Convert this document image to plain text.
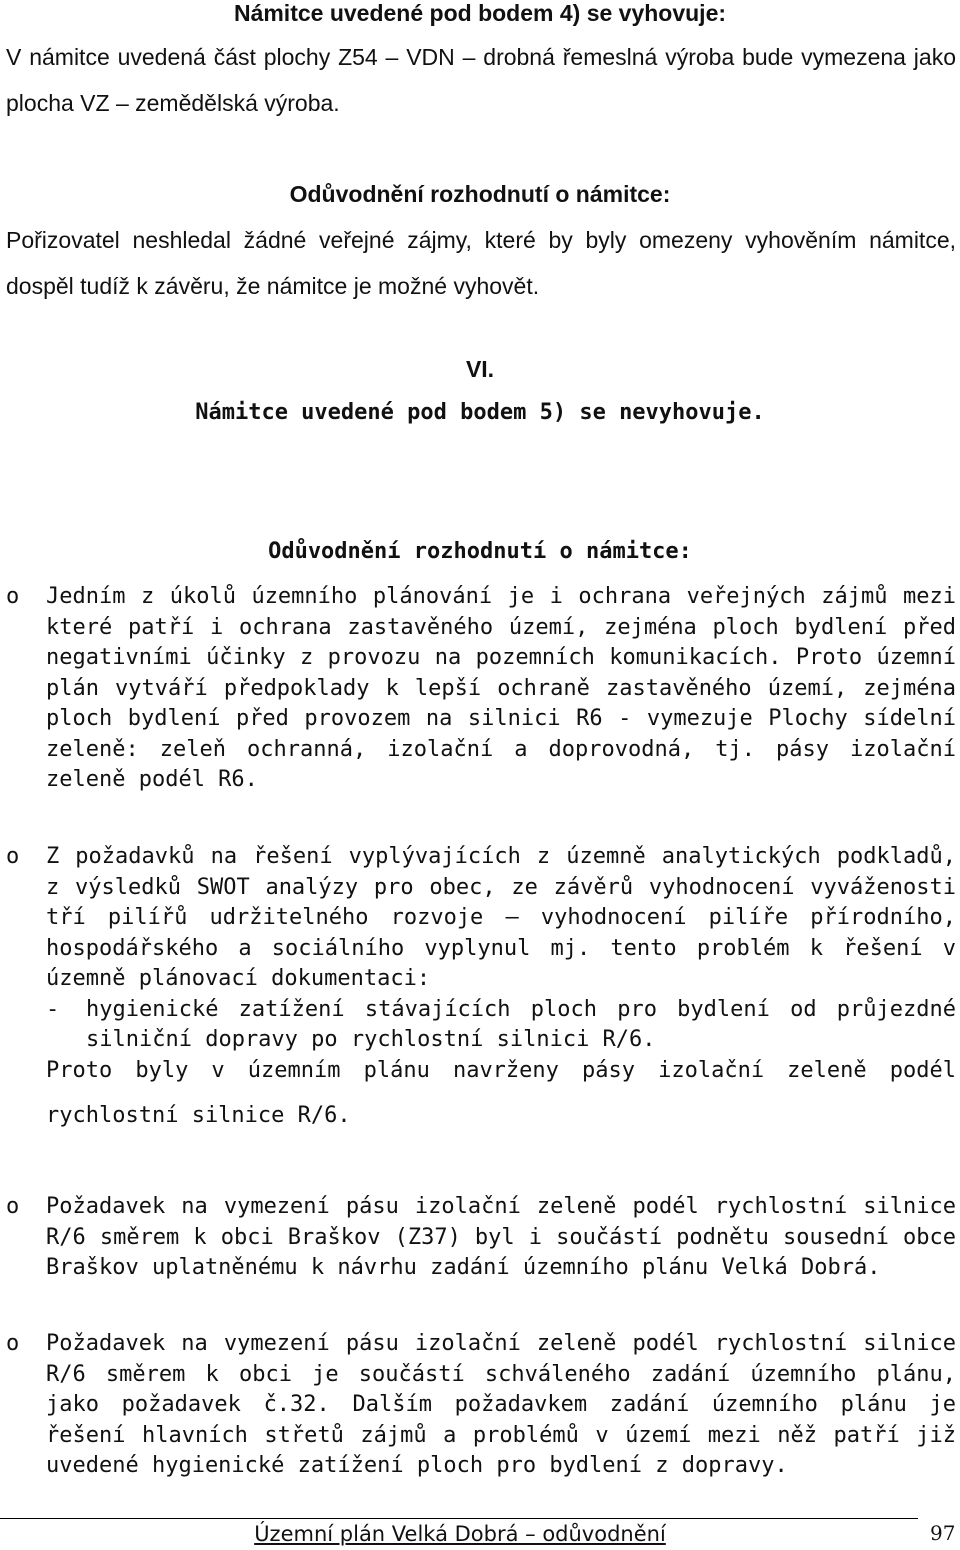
Námitce uvedené pod bodem 4) se vyhovuje:
V námitce uvedená část plochy Z54 – VDN – drobná řemeslná výroba bude vymezena jako plocha VZ – zemědělská výroba.
Odůvodnění rozhodnutí o námitce:
Pořizovatel neshledal žádné veřejné zájmy, které by byly omezeny vyhověním námitce, dospěl tudíž k závěru, že námitce je možné vyhovět.
VI.
Námitce uvedené pod bodem 5) se nevyhovuje.
Odůvodnění rozhodnutí o námitce:
o	Jedním z úkolů územního plánování je i ochrana veřejných zájmů mezi které patří i ochrana zastavěného území, zejména ploch bydlení před negativními účinky z provozu na pozemních komunikacích. Proto územní plán vytváří předpoklady k lepší ochraně zastavěného území, zejména ploch bydlení před provozem na silnici R6 - vymezuje Plochy sídelní zeleně: zeleň ochranná, izolační a doprovodná, tj. pásy izolační zeleně podél R6.
o	Z požadavků na řešení vyplývajících z územně analytických podkladů, z výsledků SWOT analýzy pro obec, ze závěrů vyhodnocení vyváženosti tří pilířů udržitelného rozvoje – vyhodnocení pilíře přírodního, hospodářského a sociálního vyplynul mj. tento problém k řešení v územně plánovací dokumentaci:
-	hygienické zatížení stávajících ploch pro bydlení od průjezdné silniční dopravy po rychlostní silnici R/6.
Proto byly v územním plánu navrženy pásy izolační zeleně podél
rychlostní silnice R/6.
o	Požadavek na vymezení pásu izolační zeleně podél rychlostní silnice R/6 směrem k obci Braškov (Z37) byl i součástí podnětu sousední obce Braškov uplatněnému k návrhu zadání územního plánu Velká Dobrá.
o	Požadavek na vymezení pásu izolační zeleně podél rychlostní silnice R/6 směrem k obci je součástí schváleného zadání územního plánu, jako požadavek č.32. Dalším požadavkem zadání územního plánu je řešení hlavních střetů zájmů a problémů v území mezi něž patří již uvedené hygienické zatížení ploch pro bydlení z dopravy.
Územní plán Velká Dobrá – odůvodnění	97
